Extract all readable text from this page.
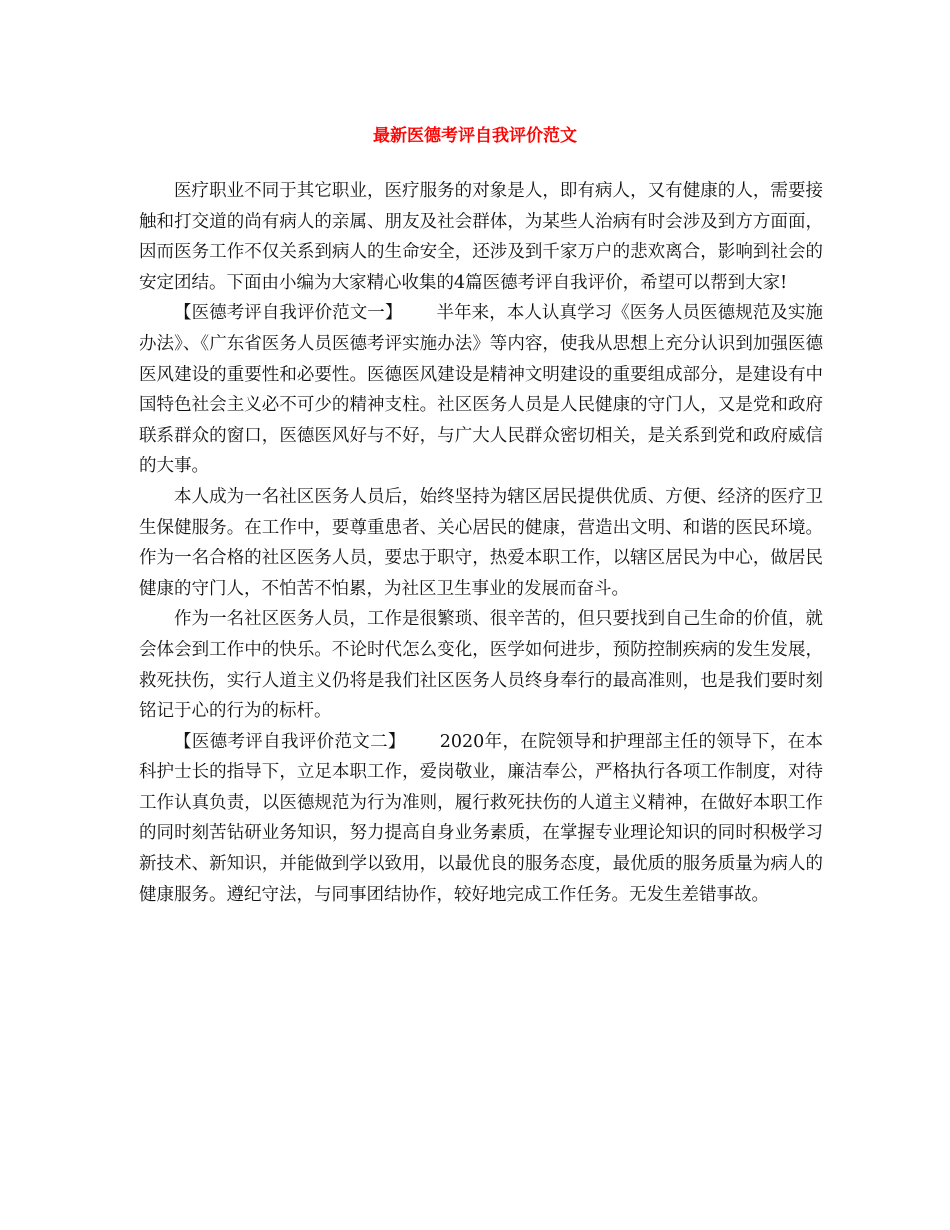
最新医德考评自我评价范文

医疗职业不同于其它职业，医疗服务的对象是人，即有病人，又有健康的人，需要接触和打交道的尚有病人的亲属、朋友及社会群体，为某些人治病有时会涉及到方方面面，因而医务工作不仅关系到病人的生命安全，还涉及到千家万户的悲欢离合，影响到社会的安定团结。下面由小编为大家精心收集的4篇医德考评自我评价，希望可以帮到大家!

【医德考评自我评价范文一】 半年来，本人认真学习《医务人员医德规范及实施办法》、《广东省医务人员医德考评实施办法》等内容，使我从思想上充分认识到加强医德医风建设的重要性和必要性。医德医风建设是精神文明建设的重要组成部分，是建设有中国特色社会主义必不可少的精神支柱。社区医务人员是人民健康的守门人，又是党和政府联系群众的窗口，医德医风好与不好，与广大人民群众密切相关，是关系到党和政府威信的大事。

本人成为一名社区医务人员后，始终坚持为辖区居民提供优质、方便、经济的医疗卫生保健服务。在工作中，要尊重患者、关心居民的健康，营造出文明、和谐的医民环境。作为一名合格的社区医务人员，要忠于职守，热爱本职工作，以辖区居民为中心，做居民健康的守门人，不怕苦不怕累，为社区卫生事业的发展而奋斗。

作为一名社区医务人员，工作是很繁琐、很辛苦的，但只要找到自己生命的价值，就会体会到工作中的快乐。不论时代怎么变化，医学如何进步，预防控制疾病的发生发展，救死扶伤，实行人道主义仍将是我们社区医务人员终身奉行的最高准则，也是我们要时刻铭记于心的行为的标杆。

【医德考评自我评价范文二】 2020年，在院领导和护理部主任的领导下，在本科护士长的指导下，立足本职工作，爱岗敬业，廉洁奉公，严格执行各项工作制度，对待工作认真负责，以医德规范为行为准则，履行救死扶伤的人道主义精神，在做好本职工作的同时刻苦钻研业务知识，努力提高自身业务素质，在掌握专业理论知识的同时积极学习新技术、新知识，并能做到学以致用，以最优良的服务态度，最优质的服务质量为病人的健康服务。遵纪守法，与同事团结协作，较好地完成工作任务。无发生差错事故。
